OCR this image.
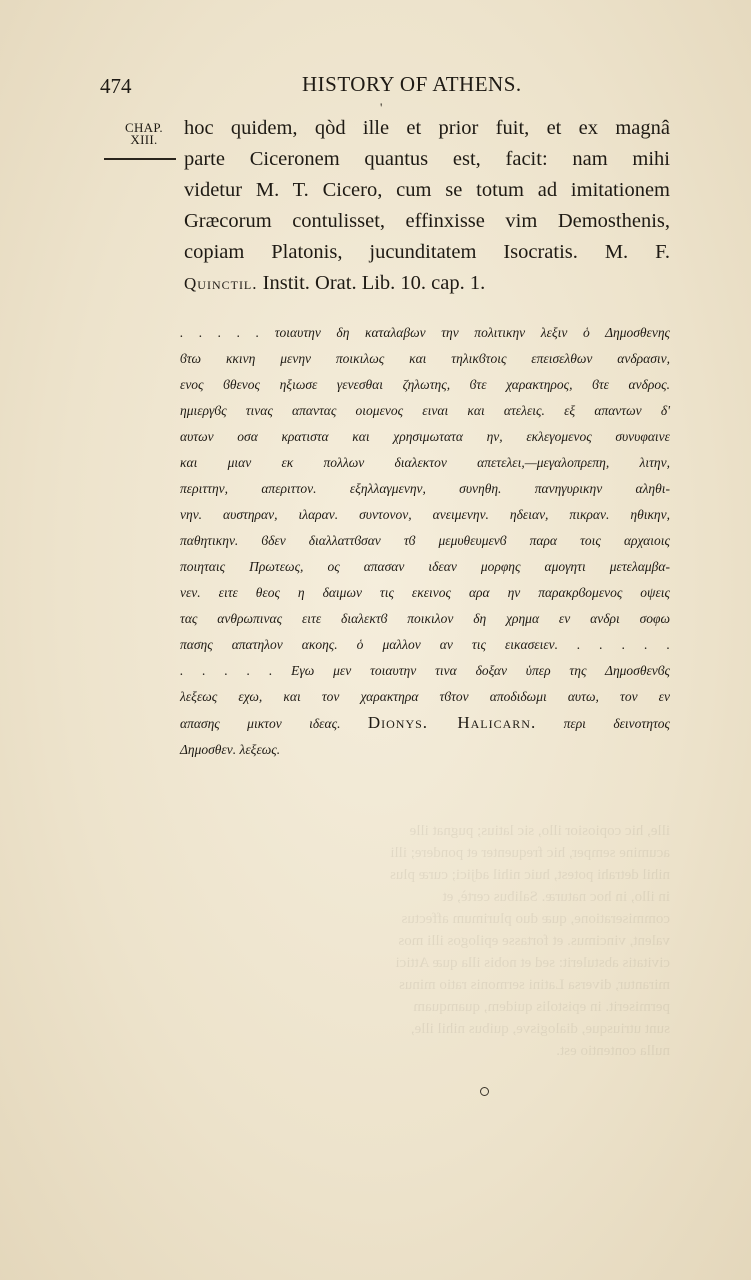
474	HISTORY OF ATHENS.
'
CHAP.
XIII.
hoc quidem, qòd ille et prior fuit, et ex magnâ
parte Ciceronem quantus est, facit: nam mihi
videtur M. T. Cicero, cum se totum ad imitationem
Græcorum contulisset, effinxisse vim Demosthenis,
copiam Platonis, jucunditatem Isocratis. M. F.
Quinctil. Instit. Orat. Lib. 10. cap. 1.
. . . . . τοιαυτην δη καταλαβων την πολιτικην λεξιν ὁ Δημοσθενης
ϐτω κκινη μενην ποικιλως και τηλικϐτοις επεισελθων ανδρασιν,
ενος ϐθενος ηξιωσε γενεσθαι ζηλωτης, ϐτε χαρακτηρος, ϐτε ανδρος.
ημιεργϐς τινας απαντας οιομενος ειναι και ατελεις. εξ απαντων δ'
αυτων οσα κρατιστα και χρησιμωτατα ην, εκλεγομενος συνυφαινε
και μιαν εκ πολλων διαλεκτον απετελει,—μεγαλοπρεπη, λιτην,
περιττην, απεριττον. εξηλλαγμενην, συνηθη. πανηγυρικην αληθι-
νην. αυστηραν, ιλαραν. συντονον, ανειμενην. ηδειαν, πικραν. ηθικην,
παθητικην. ϐδεν διαλλαττϐσαν τϐ μεμυθευμενϐ παρα τοις αρχαιοις
ποιηταις Πρωτεως, ος απασαν ιδεαν μορφης αμογητι μετελαμβα-
νεν. ειτε θεος η δαιμων τις εκεινος αρα ην παρακρϐομενος οψεις
τας ανθρωπινας ειτε διαλεκτϐ ποικιλον δη χρημα εν ανδρι σοφω
πασης απατηλον ακοης. ὁ μαλλον αν τις εικασειεν. . . . . .
. . . . . Εγω μεν τοιαυτην τινα δοξαν ὑπερ της Δημοσθενϐς
λεξεως εχω, και τον χαρακτηρα τϐτον αποδιδωμι αυτω, τον εν
απασης μικτον ιδεας. Dionys. Halicarn. περι δεινοτητος
Δημοσθεν. λεξεως.
ille, hic copiosior illo, sic latius; pugnat ille acumine semper, hic frequenter et pondere; illi nihil detrahi potest, huic nihil adjici; curæ plus in illo, in hoc naturæ. Salibus certè, et commiseratione, quæ duo plurimum affectus valent, vincimus. et fortasse epilogos illi mos civitatis abstulerit: sed et nobis illa quæ Attici mirantur, diversa Latini sermonis ratio minus permiserit. in epistolis quidem, quamquam sunt utriusque, dialogisve, quibus nihil ille, nulla contentio est.
